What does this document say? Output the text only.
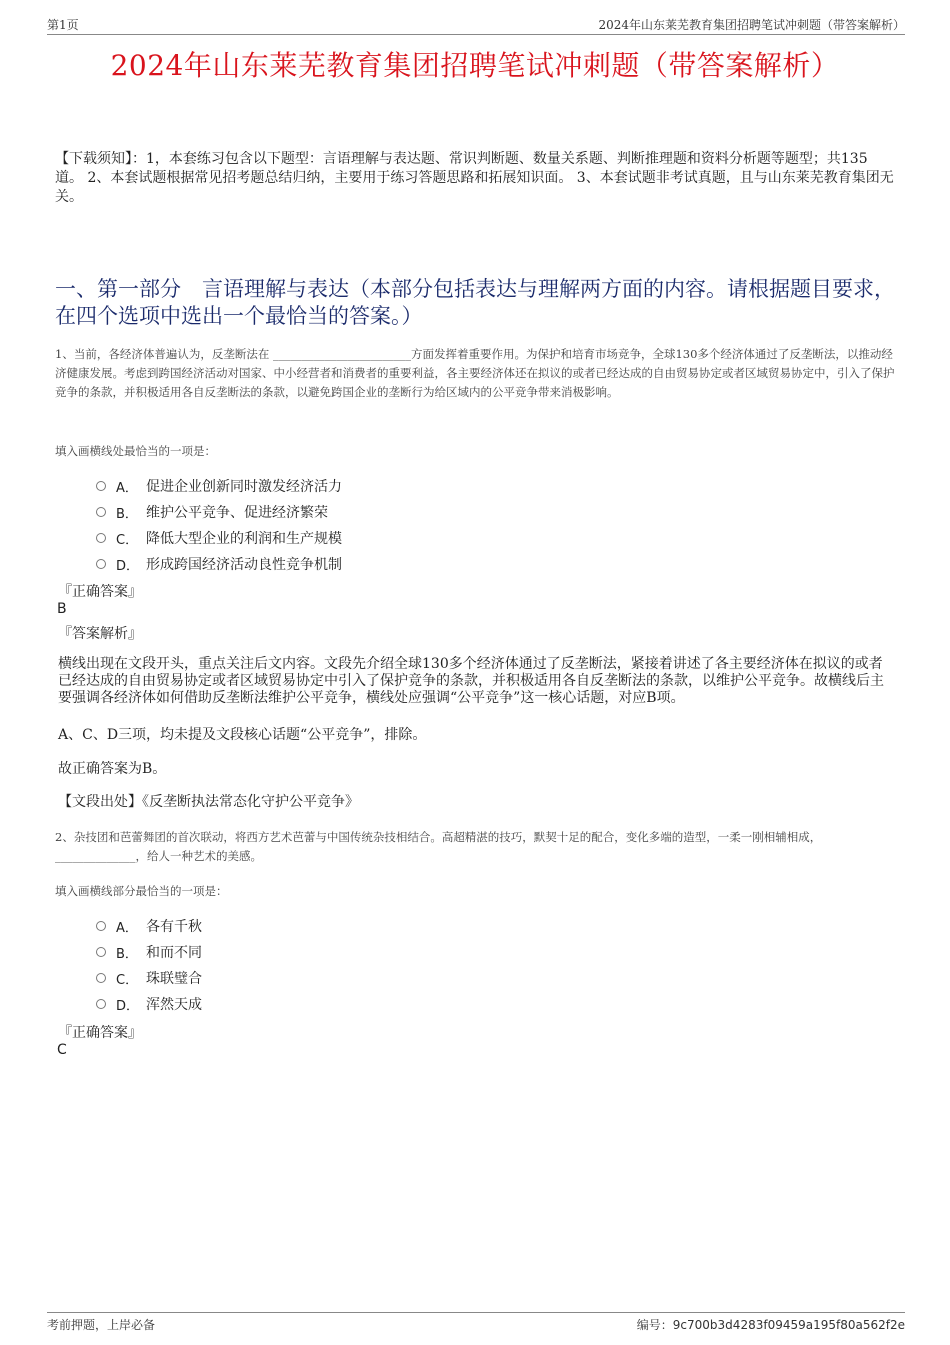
第1页	2024年山东莱芜教育集团招聘笔试冲刺题（带答案解析）
2024年山东莱芜教育集团招聘笔试冲刺题（带答案解析）
【下载须知】：1，本套练习包含以下题型：言语理解与表达题、常识判断题、数量关系题、判断推理题和资料分析题等题型；共135道。 2、本套试题根据常见招考题总结归纳，主要用于练习答题思路和拓展知识面。 3、本套试题非考试真题，且与山东莱芜教育集团无关。
一、第一部分　言语理解与表达（本部分包括表达与理解两方面的内容。请根据题目要求，在四个选项中选出一个最恰当的答案。）
1、当前，各经济体普遍认为，反垄断法在 ________________________方面发挥着重要作用。为保护和培育市场竞争，全球130多个经济体通过了反垄断法，以推动经济健康发展。考虑到跨国经济活动对国家、中小经营者和消费者的重要利益，各主要经济体还在拟议的或者已经达成的自由贸易协定或者区域贸易协定中，引入了保护竞争的条款，并积极适用各自反垄断法的条款，以避免跨国企业的垄断行为给区域内的公平竞争带来消极影响。
填入画横线处最恰当的一项是：
A． 促进企业创新同时激发经济活力
B． 维护公平竞争、促进经济繁荣
C． 降低大型企业的利润和生产规模
D． 形成跨国经济活动良性竞争机制
『正确答案』
B
『答案解析』
横线出现在文段开头，重点关注后文内容。文段先介绍全球130多个经济体通过了反垄断法，紧接着讲述了各主要经济体在拟议的或者已经达成的自由贸易协定或者区域贸易协定中引入了保护竞争的条款，并积极适用各自反垄断法的条款，以维护公平竞争。故横线后主要强调各经济体如何借助反垄断法维护公平竞争，横线处应强调“公平竞争”这一核心话题，对应B项。
A、C、D三项，均未提及文段核心话题“公平竞争”，排除。
故正确答案为B。
【文段出处】《反垄断执法常态化守护公平竞争》
2、杂技团和芭蕾舞团的首次联动，将西方艺术芭蕾与中国传统杂技相结合。高超精湛的技巧，默契十足的配合，变化多端的造型，一柔一刚相辅相成， ______________，给人一种艺术的美感。
填入画横线部分最恰当的一项是：
A． 各有千秋
B． 和而不同
C． 珠联璧合
D． 浑然天成
『正确答案』
C
考前押题，上岸必备	编号：9c700b3d4283f09459a195f80a562f2e
